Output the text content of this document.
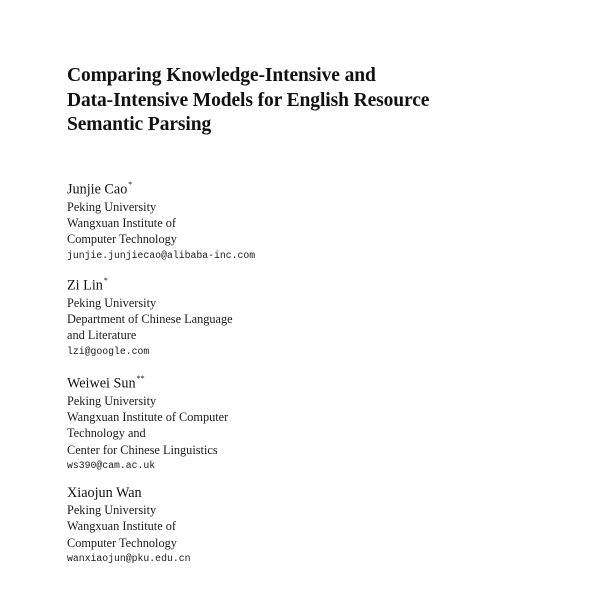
Comparing Knowledge-Intensive and
Data-Intensive Models for English Resource
Semantic Parsing
Junjie Cao*
Peking University
Wangxuan Institute of
Computer Technology
junjie.junjiecao@alibaba-inc.com
Zi Lin*
Peking University
Department of Chinese Language
and Literature
lzi@google.com
Weiwei Sun**
Peking University
Wangxuan Institute of Computer
Technology and
Center for Chinese Linguistics
ws390@cam.ac.uk
Xiaojun Wan
Peking University
Wangxuan Institute of
Computer Technology
wanxiaojun@pku.edu.cn
